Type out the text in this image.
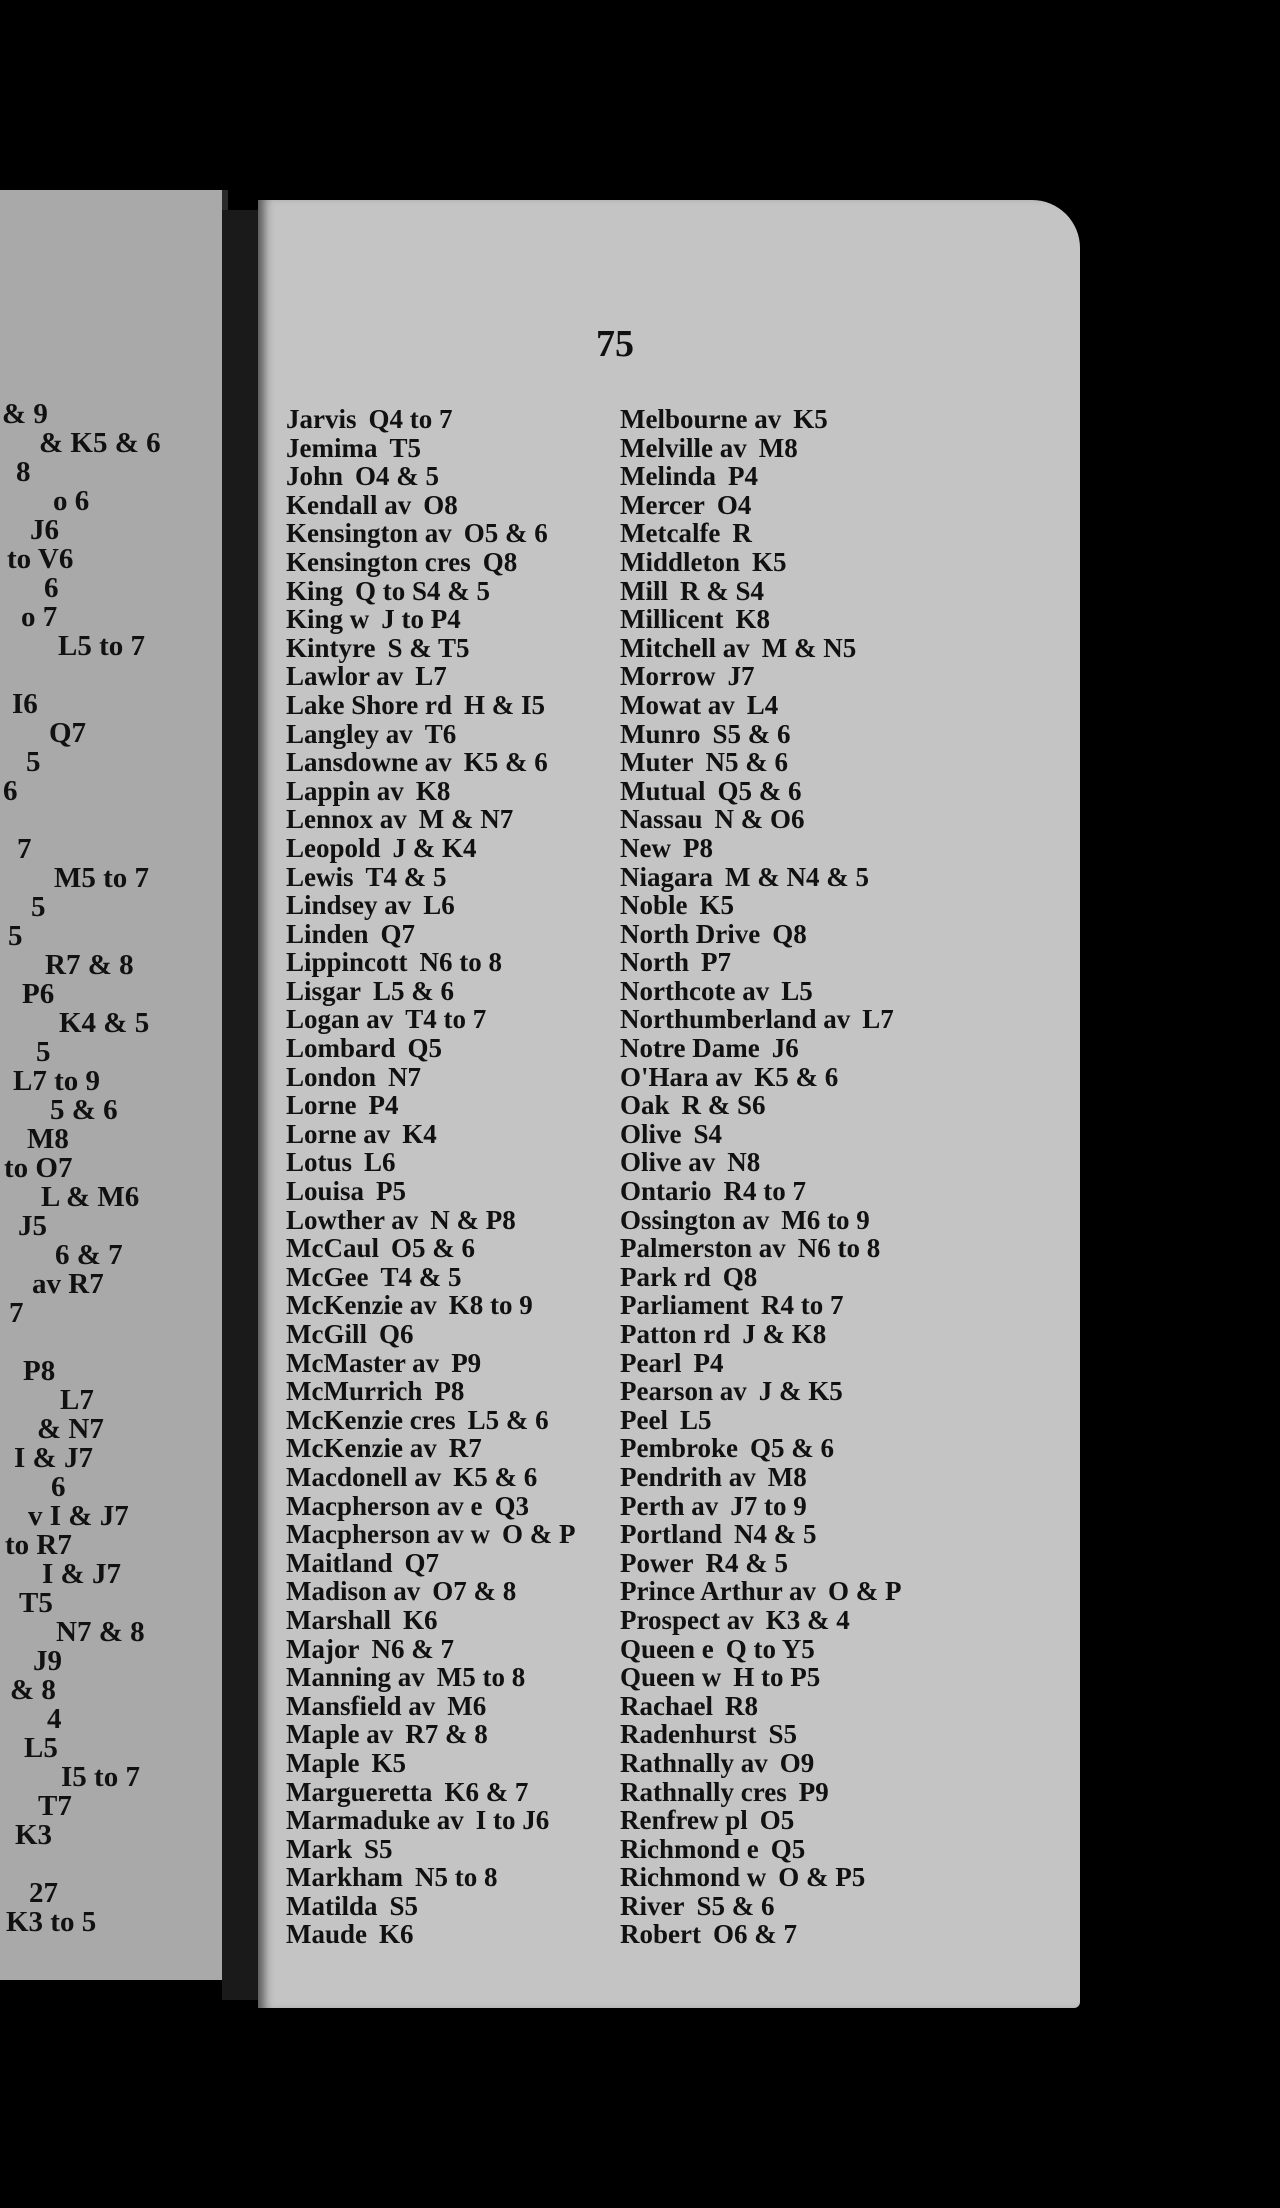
& 9
& K5 & 6
8
o 6
J6
to V6
6
o 7
L5 to 7
I6
Q7
5
6
7
M5 to 7
5
5
R7 & 8
P6
K4 & 5
5
L7 to 9
5 & 6
M8
to O7
L & M6
J5
6 & 7
av R7
7
P8
L7
& N7
I & J7
6
v I & J7
to R7
I & J7
T5
N7 & 8
J9
& 8
4
L5
I5 to 7
T7
K3
27
K3 to 5
75
Jarvis Q4 to 7
Jemima T5
John O4 & 5
Kendall av O8
Kensington av O5 & 6
Kensington cres Q8
King Q to S4 & 5
King w J to P4
Kintyre S & T5
Lawlor av L7
Lake Shore rd H & I5
Langley av T6
Lansdowne av K5 & 6
Lappin av K8
Lennox av M & N7
Leopold J & K4
Lewis T4 & 5
Lindsey av L6
Linden Q7
Lippincott N6 to 8
Lisgar L5 & 6
Logan av T4 to 7
Lombard Q5
London N7
Lorne P4
Lorne av K4
Lotus L6
Louisa P5
Lowther av N & P8
McCaul O5 & 6
McGee T4 & 5
McKenzie av K8 to 9
McGill Q6
McMaster av P9
McMurrich P8
McKenzie cres L5 & 6
McKenzie av R7
Macdonell av K5 & 6
Macpherson av e Q3
Macpherson av w O & P
Maitland Q7
Madison av O7 & 8
Marshall K6
Major N6 & 7
Manning av M5 to 8
Mansfield av M6
Maple av R7 & 8
Maple K5
Margueretta K6 & 7
Marmaduke av I to J6
Mark S5
Markham N5 to 8
Matilda S5
Maude K6
Melbourne av K5
Melville av M8
Melinda P4
Mercer O4
Metcalfe R
Middleton K5
Mill R & S4
Millicent K8
Mitchell av M & N5
Morrow J7
Mowat av L4
Munro S5 & 6
Muter N5 & 6
Mutual Q5 & 6
Nassau N & O6
New P8
Niagara M & N4 & 5
Noble K5
North Drive Q8
North P7
Northcote av L5
Northumberland av L7
Notre Dame J6
O'Hara av K5 & 6
Oak R & S6
Olive S4
Olive av N8
Ontario R4 to 7
Ossington av M6 to 9
Palmerston av N6 to 8
Park rd Q8
Parliament R4 to 7
Patton rd J & K8
Pearl P4
Pearson av J & K5
Peel L5
Pembroke Q5 & 6
Pendrith av M8
Perth av J7 to 9
Portland N4 & 5
Power R4 & 5
Prince Arthur av O & P
Prospect av K3 & 4
Queen e Q to Y5
Queen w H to P5
Rachael R8
Radenhurst S5
Rathnally av O9
Rathnally cres P9
Renfrew pl O5
Richmond e Q5
Richmond w O & P5
River S5 & 6
Robert O6 & 7
